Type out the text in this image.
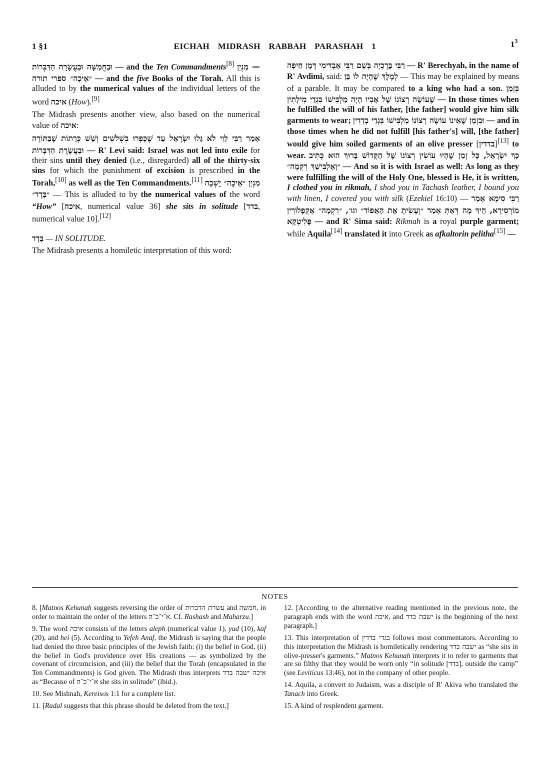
1 §1	EICHAH MIDRASH RABBAH PARASHAH 1	$1^3$

וּבַחֲמִשָּׁה וּבַעֲשָׂרָה הַדִּבְּרוֹת — and the Ten Commandments[8] — מִנְיַן ״אֵיכָה״ ספרי תורה — and the five Books of the Torah. All this is alluded to by the numerical values of the individual letters of the word איכה (How).[9]

The Midrash presents another view, also based on the numerical value of איכה:

אָמַר רַבִּי לֵוִי לֹא גָּלוּ יִשְׂרָאֵל עַד שֶׁכָּפְרוּ בִשְׁלֹשִׁים וְשֵׁשׁ כְּרֵתוֹת שֶׁבַּתּוֹרָה וּבַעֲשֶׂרֶת הַדִּבְּרוֹת — R' Levi said: Israel was not led into exile for their sins until they denied (i.e., disregarded) all of the thirty-six sins for which the punishment of excision is prescribed in the Torah,[10] as well as the Ten Commandments.[11] מִנְיַן ״אֵיכָה״ יָשְׁבָה ״בָּדָד״ — This is alluded to by the numerical values of the word “How” [איכה, numerical value 36] she sits in solitude [בדד, numerical value 10].[12]

בָּדָד — IN SOLITUDE.

The Midrash presents a homiletic interpretation of this word:

רַבִּי בֶּרֶכְיָה בְּשֵׁם רַבִּי אַבְדִּימִי דְּמָן חֵיפָה — R' Berechyah, in the name of R' Avdimi, said: לְמֶלֶךְ שֶׁהָיָה לוֹ בֵּן — This may be explained by means of a parable. It may be compared to a king who had a son. בִּזְמַן שֶׁעוֹשֶׂה רְצוֹנוֹ שֶׁל אָבִיו הָיָה מַלְבִּישׁוֹ בִּגְדֵי מִילָתִין — In those times when he fulfilled the will of his father, [the father] would give him silk garments to wear; וּבִזְמַן שֶׁאֵינוֹ עוֹשֶׂה רְצוֹנוֹ מַלְבִּישׁוֹ בִּגְדֵי בְדָדִין — and in those times when he did not fulfill [his father's] will, [the father] would give him soiled garments of an olive presser [בדדין][13] to wear. כָּךְ יִשְׂרָאֵל, כָּל זְמַן שֶׁהָיוּ עוֹשִׂין רְצוֹנוֹ שֶׁל הַקָּדוֹשׁ בָּרוּךְ הוּא כְּתִיב ״וָאַלְבִּישֵׁךְ רִקְמָה״ — And so it is with Israel as well: As long as they were fulfilling the will of the Holy One, blessed is He, it is written, I clothed you in rikmah, I shod you in Tachash leather, I bound you with linen, I covered you with silk (Ezekiel 16:10) — רַבִּי סִימָא אָמַר מוֹרְסִירָא, הֵיךְ מָה דְּאַתְּ אָמַר ״וְעָשִׂיתָ אֶת הָאֵפוֹד״ וגו׳, ״רִקְמָה״ אַקְפָלוֹרִין פֶּלִיטְקָא — and R' Sima said: Rikmah is a royal purple garment; while Aquila[14] translated it into Greek as afkaltorin pelitha[15] —

NOTES

8. [Matnos Kehunah suggests reversing the order of עשרת הדברות and חמשה, in order to maintain the order of the letters א־י־כ־ה. Cf. Rashash and Maharzu.]

9. The word איכה consists of the letters aleph (numerical value 1), yud (10), kaf (20), and hei (5). According to Yefeh Anaf, the Midrash is saying that the people had denied the three basic principles of the Jewish faith: (i) the belief in God, (ii) the belief in God's providence over His creations — as symbolized by the covenant of circumcision, and (iii) the belief that the Torah (encapsulated in the Ten Commandments) is God given. The Midrash thus interprets איכה ישבה בדד as “Because of א־י־כ־ה she sits in solitude” (ibid.).

10. See Mishnah, Kereisos 1:1 for a complete list.

11. [Radal suggests that this phrase should be deleted from the text.]

12. [According to the alternative reading mentioned in the previous note, the paragraph ends with the word איכה, and ישבה בדד is the beginning of the next paragraph.]

13. This interpretation of בגדי בדדין follows most commentators. According to this interpretation the Midrash is homiletically rendering ישבה בדד as “she sits in olive-presser's garments.” Matnos Kehunah interprets it to refer to garments that are so filthy that they would be worn only “in solitude [בדד], outside the camp” (see Leviticus 13:46), not in the company of other people.

14. Aquila, a convert to Judaism, was a disciple of R' Akiva who translated the Tanach into Greek.

15. A kind of resplendent garment.
